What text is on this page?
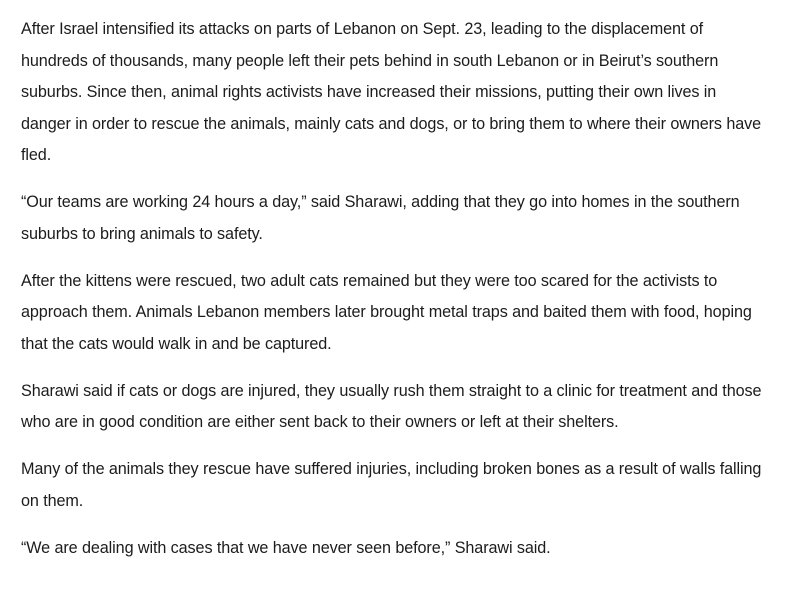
After Israel intensified its attacks on parts of Lebanon on Sept. 23, leading to the displacement of hundreds of thousands, many people left their pets behind in south Lebanon or in Beirut’s southern suburbs. Since then, animal rights activists have increased their missions, putting their own lives in danger in order to rescue the animals, mainly cats and dogs, or to bring them to where their owners have fled.

“Our teams are working 24 hours a day,” said Sharawi, adding that they go into homes in the southern suburbs to bring animals to safety.

After the kittens were rescued, two adult cats remained but they were too scared for the activists to approach them. Animals Lebanon members later brought metal traps and baited them with food, hoping that the cats would walk in and be captured.

Sharawi said if cats or dogs are injured, they usually rush them straight to a clinic for treatment and those who are in good condition are either sent back to their owners or left at their shelters.

Many of the animals they rescue have suffered injuries, including broken bones as a result of walls falling on them.

“We are dealing with cases that we have never seen before,” Sharawi said.
